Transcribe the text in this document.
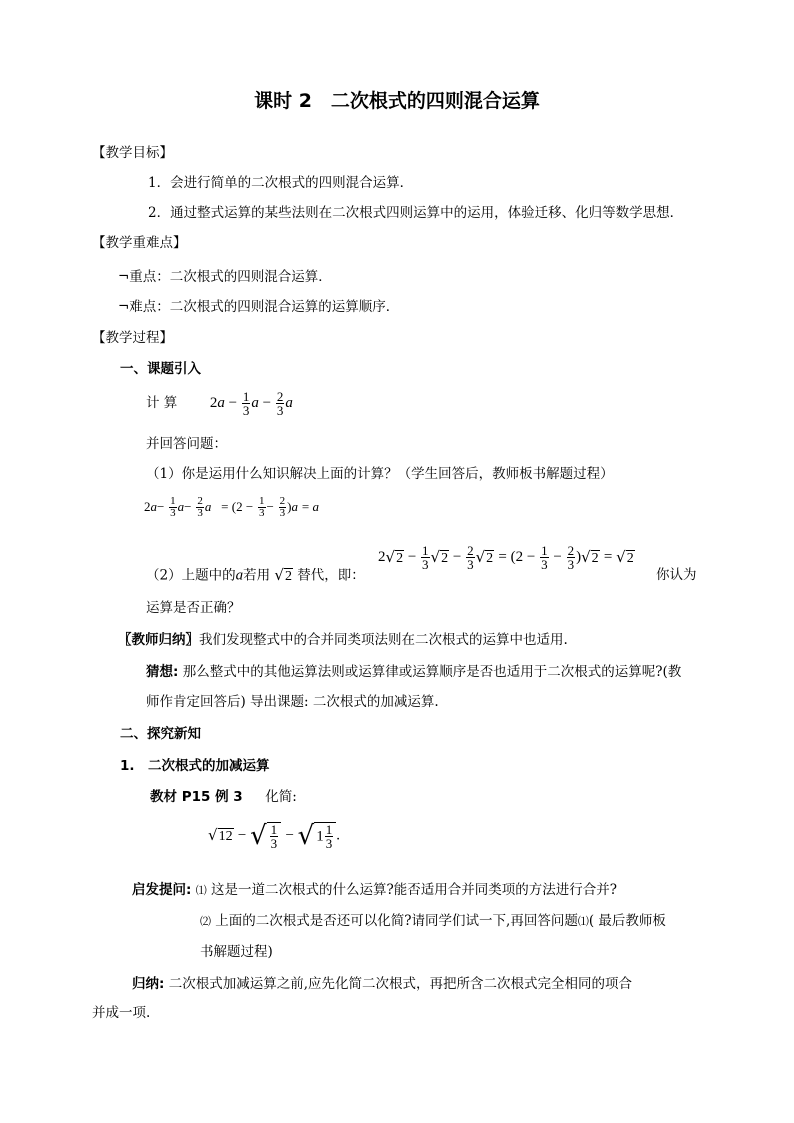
课时 2　二次根式的四则混合运算
【教学目标】
1．会进行简单的二次根式的四则混合运算．
2．通过整式运算的某些法则在二次根式四则运算中的运用，体验迁移、化归等数学思想．
【教学重难点】
¬重点：二次根式的四则混合运算．
¬难点：二次根式的四则混合运算的运算顺序．
【教学过程】
一、课题引入
计 算 $2a - \frac{1}{3}$ $a - \frac{2}{3}$ a
并回答问题：
（1）你是运用什么知识解决上面的计算？（学生回答后，教师板书解题过程）
$2a- \frac{1}{3} a- \frac{2}{3}$ $a = (2 - \frac{1}{3} - \frac{2}{3} )a = a$
（2）上题中的a若用 √2 替代，即：
$2√2 - \frac{1}{3} √2 - \frac{2}{3} √2 = (2 - \frac{1}{3} - \frac{2}{3} )√2 = √2$
你认为
运算是否正确？
〖教师归纳〗我们发现整式中的合并同类项法则在二次根式的运算中也适用.
猜想: 那么整式中的其他运算法则或运算律或运算顺序是否也适用于二次根式的运算呢?(教
师作肯定回答后) 导出课题: 二次根式的加减运算.
二、探究新知
1.　二次根式的加减运算
教材 P15 例 3 化简:
√12 − √ $\frac{1}{3}$ − √ $1 \frac{1}{3}$ .
启发提问: ⑴ 这是一道二次根式的什么运算?能否适用合并同类项的方法进行合并?
⑵ 上面的二次根式是否还可以化简?请同学们试一下,再回答问题⑴( 最后教师板
书解题过程)
归纳: 二次根式加减运算之前,应先化简二次根式，再把所含二次根式完全相同的项合
并成一项.
